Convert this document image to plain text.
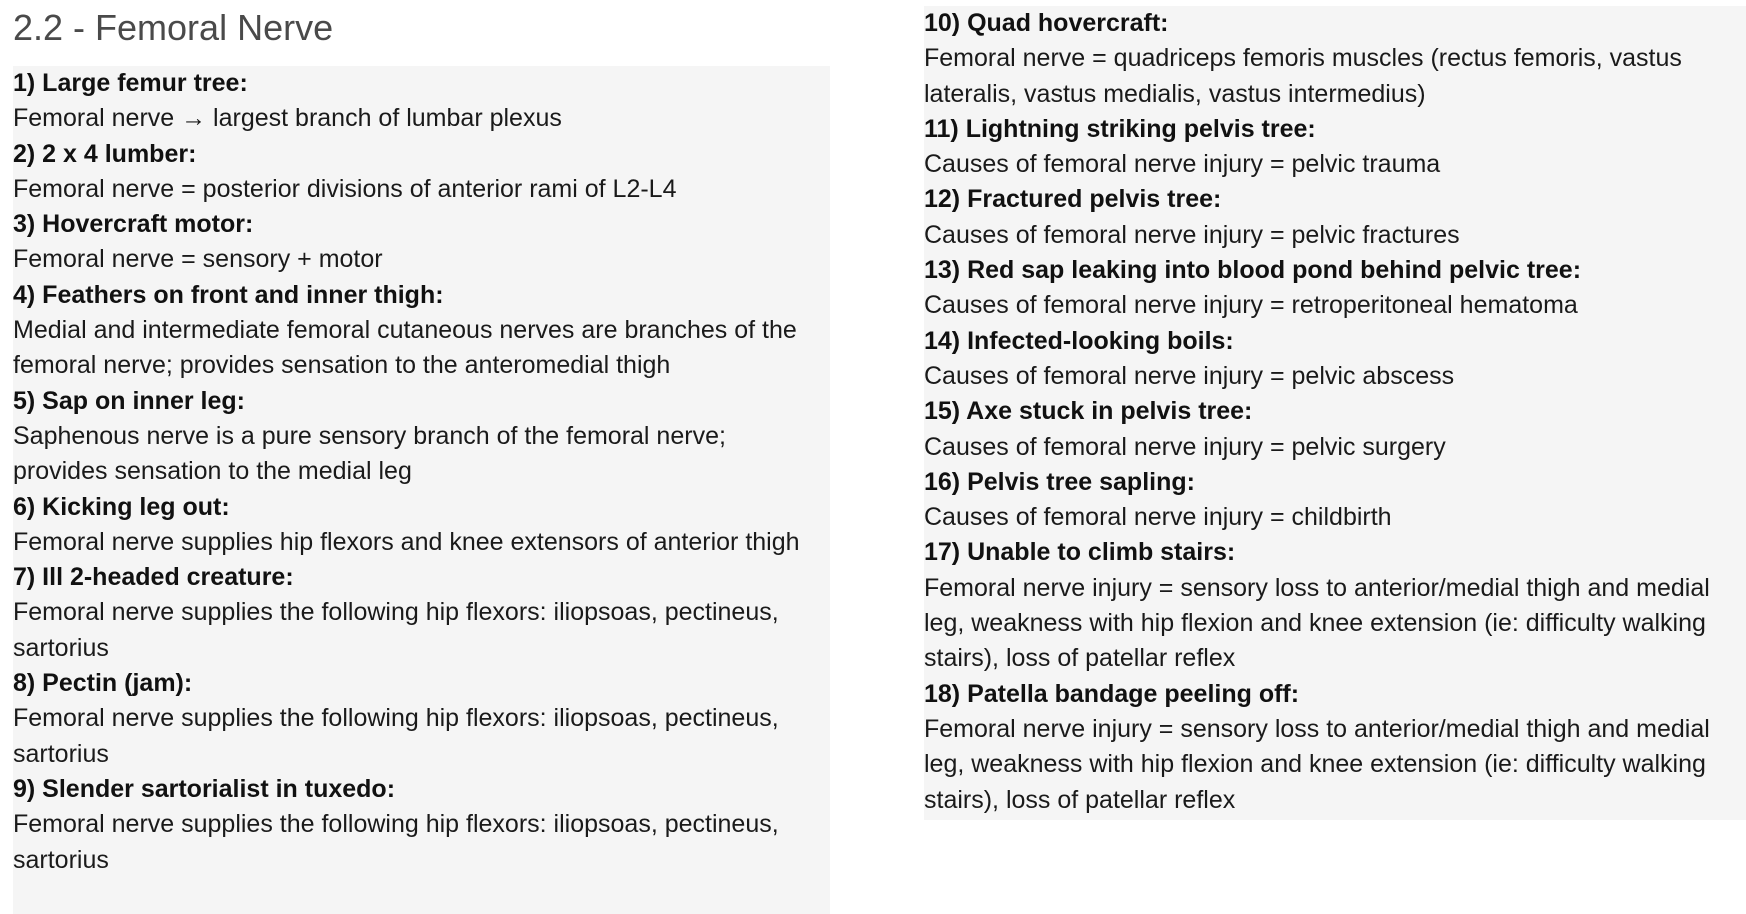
2.2 - Femoral Nerve
1) Large femur tree:
Femoral nerve → largest branch of lumbar plexus
2) 2 x 4 lumber:
Femoral nerve = posterior divisions of anterior rami of L2-L4
3) Hovercraft motor:
Femoral nerve = sensory + motor
4) Feathers on front and inner thigh:
Medial and intermediate femoral cutaneous nerves are branches of the femoral nerve; provides sensation to the anteromedial thigh
5) Sap on inner leg:
Saphenous nerve is a pure sensory branch of the femoral nerve; provides sensation to the medial leg
6) Kicking leg out:
Femoral nerve supplies hip flexors and knee extensors of anterior thigh
7) Ill 2-headed creature:
Femoral nerve supplies the following hip flexors: iliopsoas, pectineus, sartorius
8) Pectin (jam):
Femoral nerve supplies the following hip flexors: iliopsoas, pectineus, sartorius
9) Slender sartorialist in tuxedo:
Femoral nerve supplies the following hip flexors: iliopsoas, pectineus, sartorius
10) Quad hovercraft:
Femoral nerve = quadriceps femoris muscles (rectus femoris, vastus lateralis, vastus medialis, vastus intermedius)
11) Lightning striking pelvis tree:
Causes of femoral nerve injury = pelvic trauma
12) Fractured pelvis tree:
Causes of femoral nerve injury = pelvic fractures
13) Red sap leaking into blood pond behind pelvic tree:
Causes of femoral nerve injury = retroperitoneal hematoma
14) Infected-looking boils:
Causes of femoral nerve injury = pelvic abscess
15) Axe stuck in pelvis tree:
Causes of femoral nerve injury = pelvic surgery
16) Pelvis tree sapling:
Causes of femoral nerve injury = childbirth
17) Unable to climb stairs:
Femoral nerve injury = sensory loss to anterior/medial thigh and medial leg, weakness with hip flexion and knee extension (ie: difficulty walking stairs), loss of patellar reflex
18) Patella bandage peeling off:
Femoral nerve injury = sensory loss to anterior/medial thigh and medial leg, weakness with hip flexion and knee extension (ie: difficulty walking stairs), loss of patellar reflex
